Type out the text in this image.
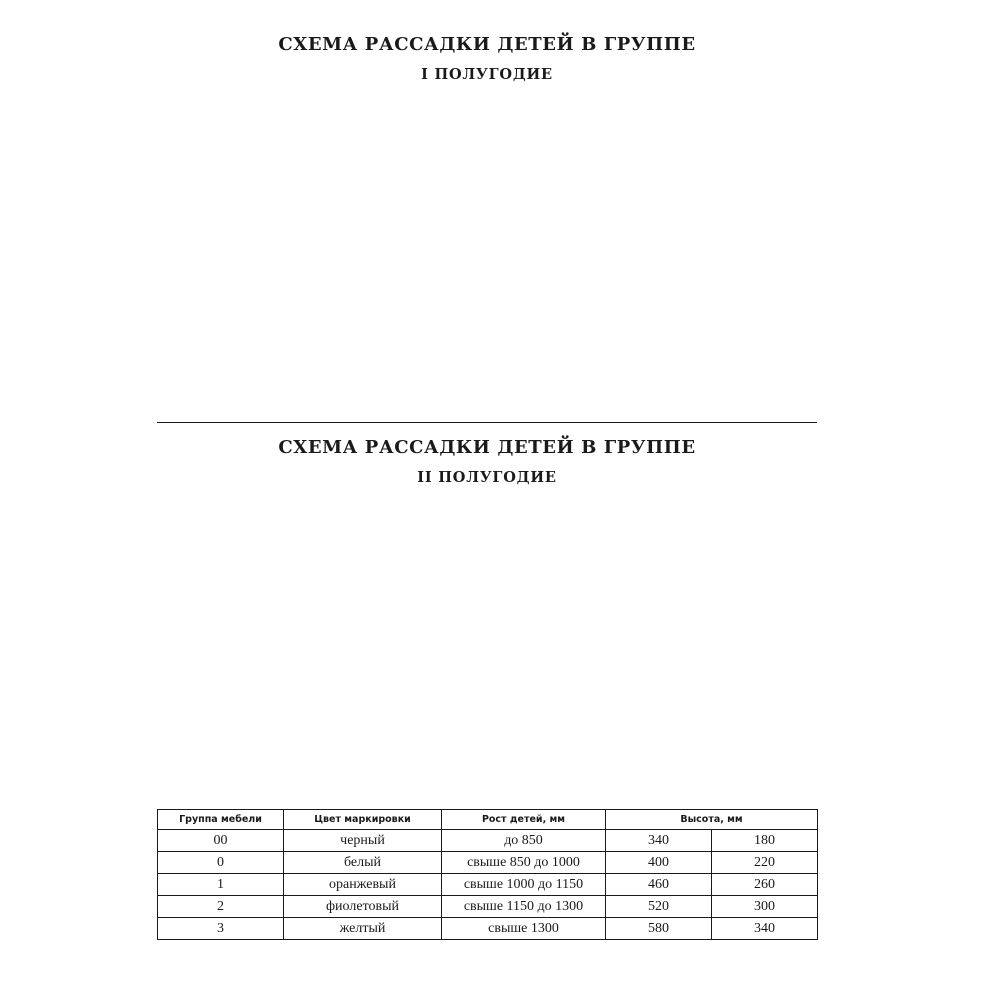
СХЕМА РАССАДКИ ДЕТЕЙ В ГРУППЕ
I ПОЛУГОДИЕ
СХЕМА РАССАДКИ ДЕТЕЙ В ГРУППЕ
II ПОЛУГОДИЕ
Группа мебели	Цвет маркировки	Рост детей, мм	Высота, мм	
00	черный	до 850	340	180
0	белый	свыше 850 до 1000	400	220
1	оранжевый	свыше 1000 до 1150	460	260
2	фиолетовый	свыше 1150 до 1300	520	300
3	желтый	свыше 1300	580	340
